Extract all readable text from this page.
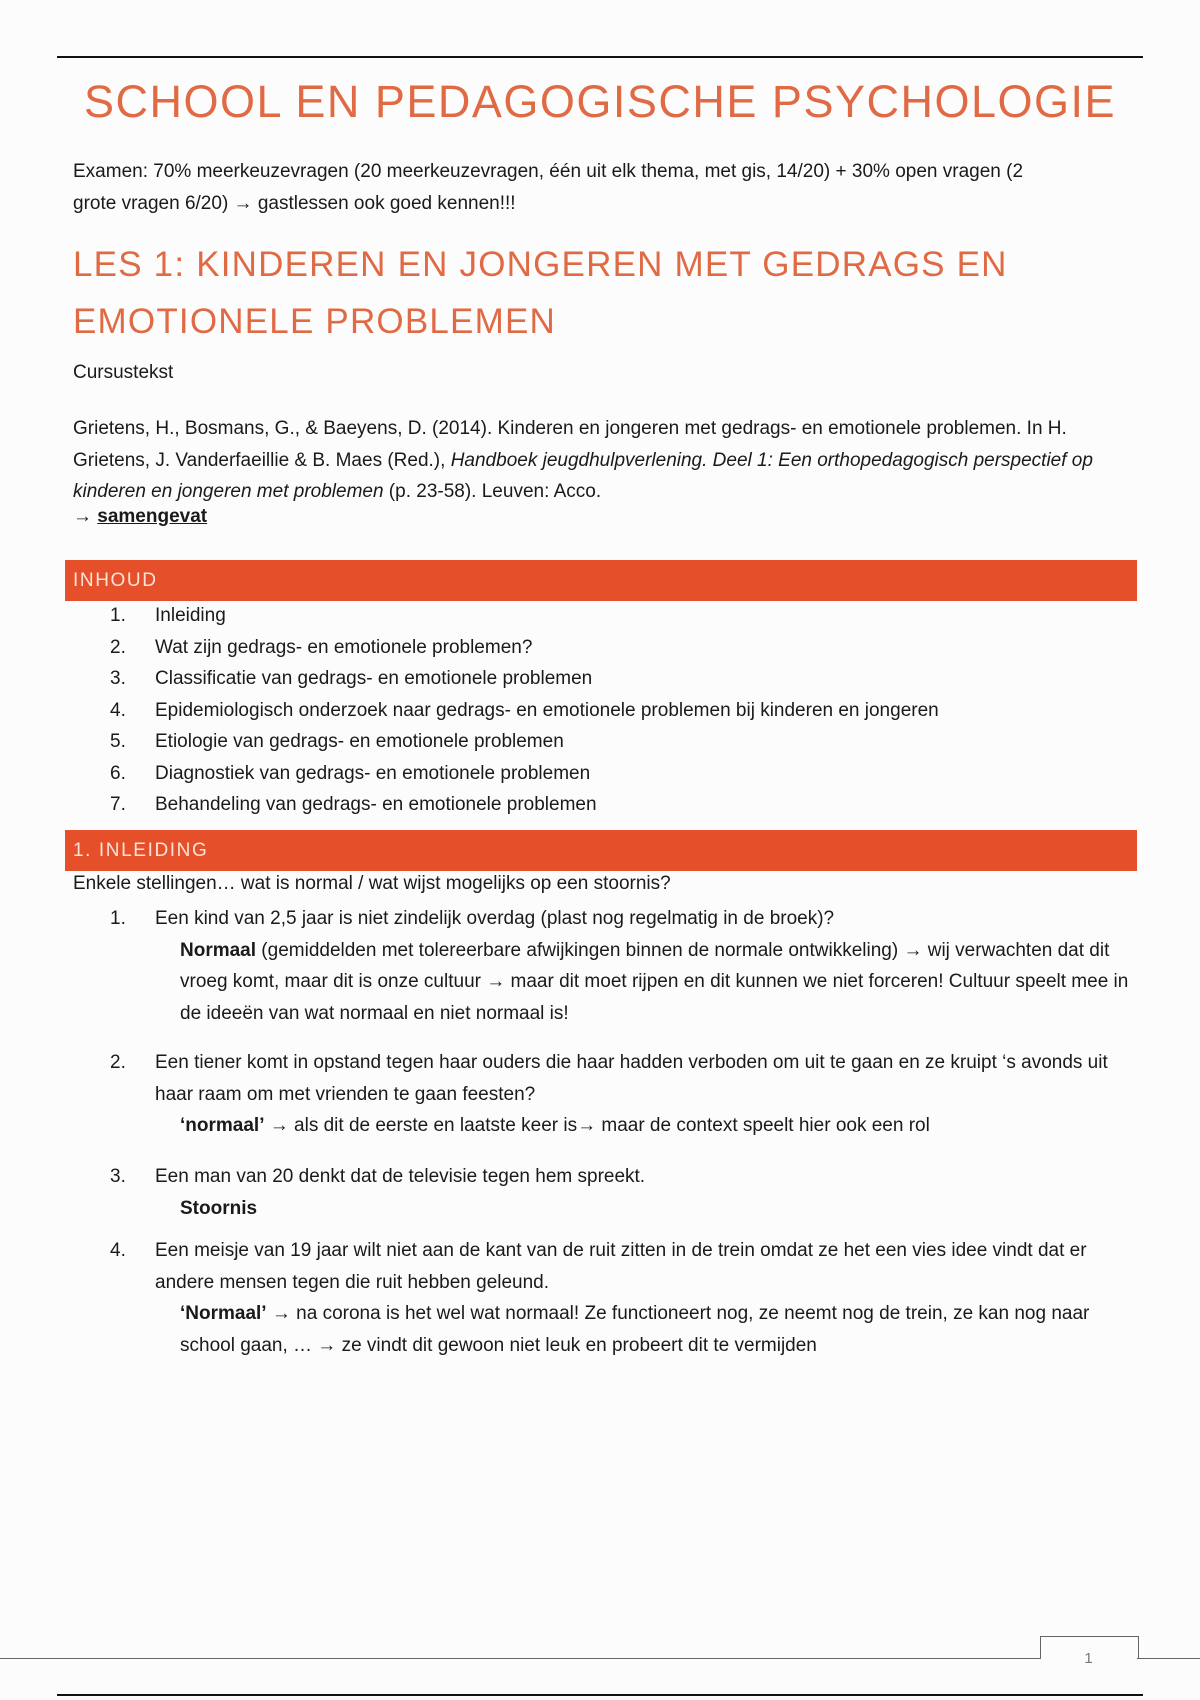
SCHOOL EN PEDAGOGISCHE PSYCHOLOGIE
Examen: 70% meerkeuzevragen (20 meerkeuzevragen, één uit elk thema, met gis, 14/20) + 30% open vragen (2
grote vragen 6/20) → gastlessen ook goed kennen!!!
LES 1: KINDEREN EN JONGEREN MET GEDRAGS EN
EMOTIONELE PROBLEMEN
Cursustekst
Grietens, H., Bosmans, G., & Baeyens, D. (2014). Kinderen en jongeren met gedrags- en emotionele problemen. In H. Grietens, J. Vanderfaeillie & B. Maes (Red.), Handboek jeugdhulpverlening. Deel 1: Een orthopedagogisch perspectief op kinderen en jongeren met problemen (p. 23-58). Leuven: Acco.
→ samengevat
INHOUD
1.	Inleiding
2.	Wat zijn gedrags- en emotionele problemen?
3.	Classificatie van gedrags- en emotionele problemen
4.	Epidemiologisch onderzoek naar gedrags- en emotionele problemen bij kinderen en jongeren
5.	Etiologie van gedrags- en emotionele problemen
6.	Diagnostiek van gedrags- en emotionele problemen
7.	Behandeling van gedrags- en emotionele problemen
1. INLEIDING
Enkele stellingen… wat is normal / wat wijst mogelijks op een stoornis?
1.	Een kind van 2,5 jaar is niet zindelijk overdag (plast nog regelmatig in de broek)?
Normaal (gemiddelden met tolereerbare afwijkingen binnen de normale ontwikkeling) → wij verwachten dat dit vroeg komt, maar dit is onze cultuur → maar dit moet rijpen en dit kunnen we niet forceren! Cultuur speelt mee in de ideeën van wat normaal en niet normaal is!
2.	Een tiener komt in opstand tegen haar ouders die haar hadden verboden om uit te gaan en ze kruipt ‘s avonds uit haar raam om met vrienden te gaan feesten?
‘normaal’ → als dit de eerste en laatste keer is→ maar de context speelt hier ook een rol
3.	Een man van 20 denkt dat de televisie tegen hem spreekt.
Stoornis
4.	Een meisje van 19 jaar wilt niet aan de kant van de ruit zitten in de trein omdat ze het een vies idee vindt dat er andere mensen tegen die ruit hebben geleund.
‘Normaal’ → na corona is het wel wat normaal! Ze functioneert nog, ze neemt nog de trein, ze kan nog naar school gaan, … → ze vindt dit gewoon niet leuk en probeert dit te vermijden
1
